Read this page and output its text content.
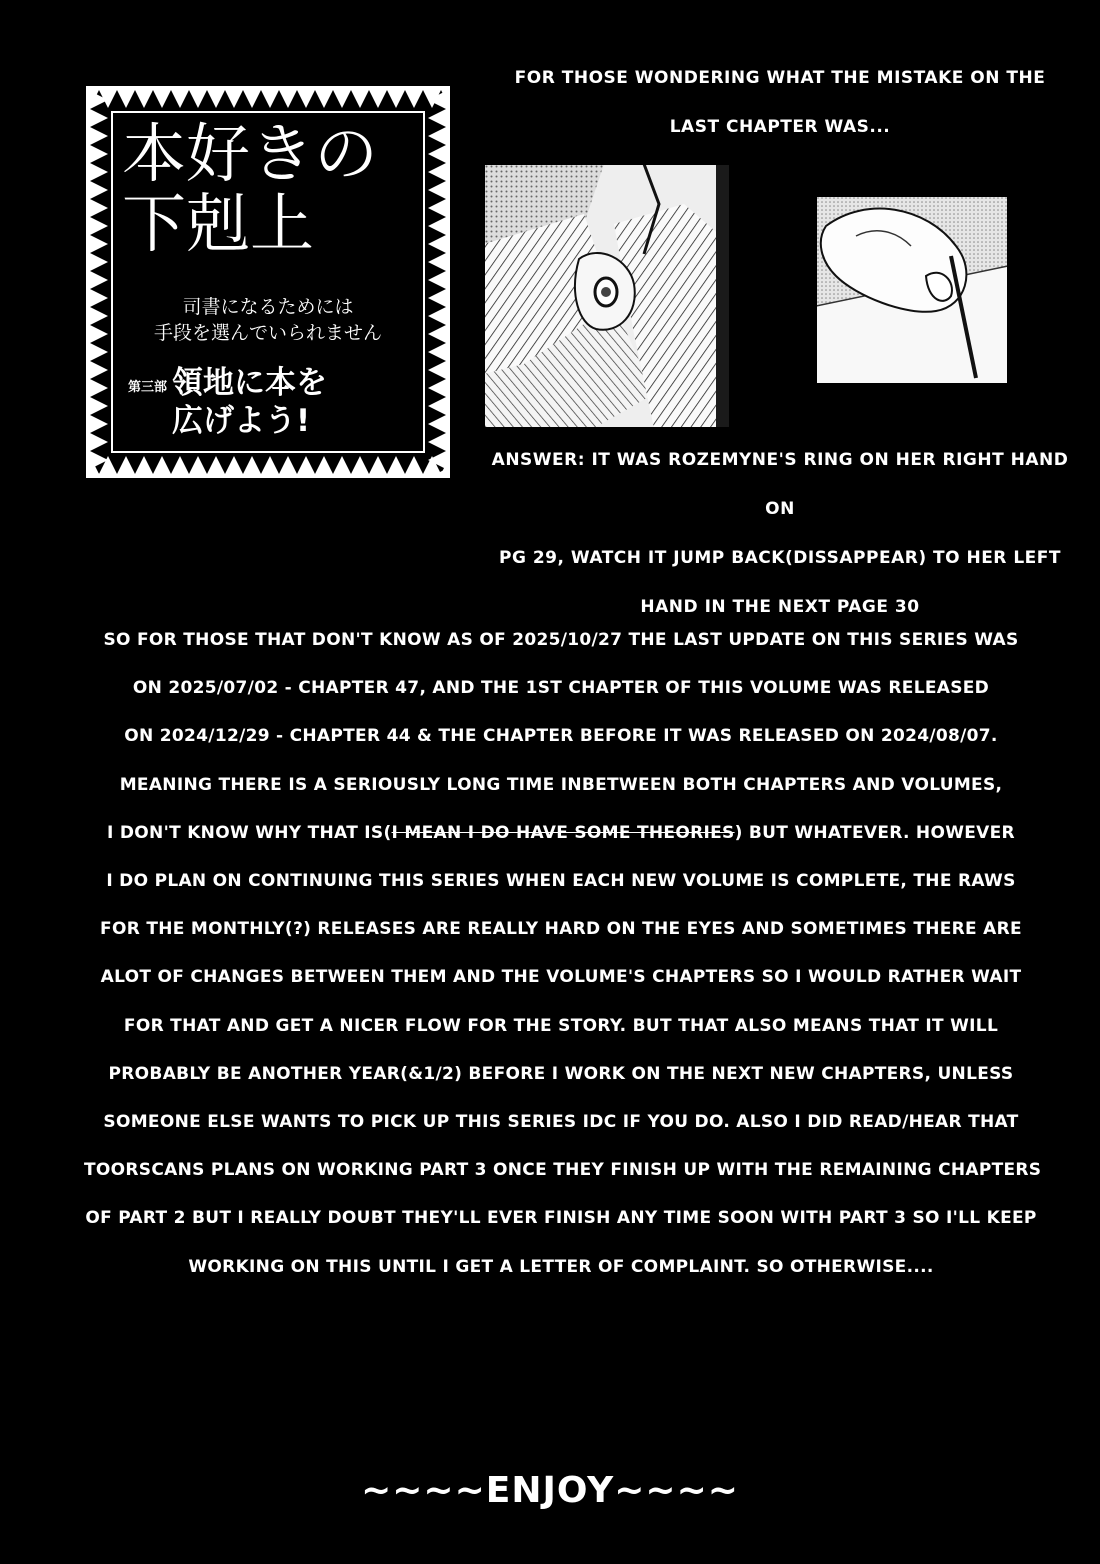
本好きの
下剋上
司書になるためには
手段を選んでいられません
第三部 領地に本を
広げよう!
FOR THOSE WONDERING WHAT THE MISTAKE ON THE
LAST CHAPTER WAS...
ANSWER: IT WAS ROZEMYNE'S RING ON HER RIGHT HAND ON
PG 29, WATCH IT JUMP BACK(DISSAPPEAR) TO HER LEFT
HAND IN THE NEXT PAGE 30

SO FOR THOSE THAT DON'T KNOW AS OF 2025/10/27 THE LAST UPDATE ON THIS SERIES WAS

ON 2025/07/02 - CHAPTER 47, AND THE 1ST CHAPTER OF THIS VOLUME WAS RELEASED

ON 2024/12/29 - CHAPTER 44 & THE CHAPTER BEFORE IT WAS RELEASED ON 2024/08/07.

MEANING THERE IS A SERIOUSLY LONG TIME INBETWEEN BOTH CHAPTERS AND VOLUMES,

I DON'T KNOW WHY THAT IS(I MEAN I DO HAVE SOME THEORIES) BUT WHATEVER. HOWEVER

I DO PLAN ON CONTINUING THIS SERIES WHEN EACH NEW VOLUME IS COMPLETE, THE RAWS

FOR THE MONTHLY(?) RELEASES ARE REALLY HARD ON THE EYES AND SOMETIMES THERE ARE

ALOT OF CHANGES BETWEEN THEM AND THE VOLUME'S CHAPTERS SO I WOULD RATHER WAIT

FOR THAT AND GET A NICER FLOW FOR THE STORY. BUT THAT ALSO MEANS THAT IT WILL

PROBABLY BE ANOTHER YEAR(&1/2) BEFORE I WORK ON THE NEXT NEW CHAPTERS, UNLESS

SOMEONE ELSE WANTS TO PICK UP THIS SERIES IDC IF YOU DO. ALSO I DID READ/HEAR THAT

TOORSCANS PLANS ON WORKING PART 3 ONCE THEY FINISH UP WITH THE REMAINING CHAPTERS

OF PART 2 BUT I REALLY DOUBT THEY'LL EVER FINISH ANY TIME SOON WITH PART 3 SO I'LL KEEP

WORKING ON THIS UNTIL I GET A LETTER OF COMPLAINT. SO OTHERWISE....

~~~~ENJOY~~~~
